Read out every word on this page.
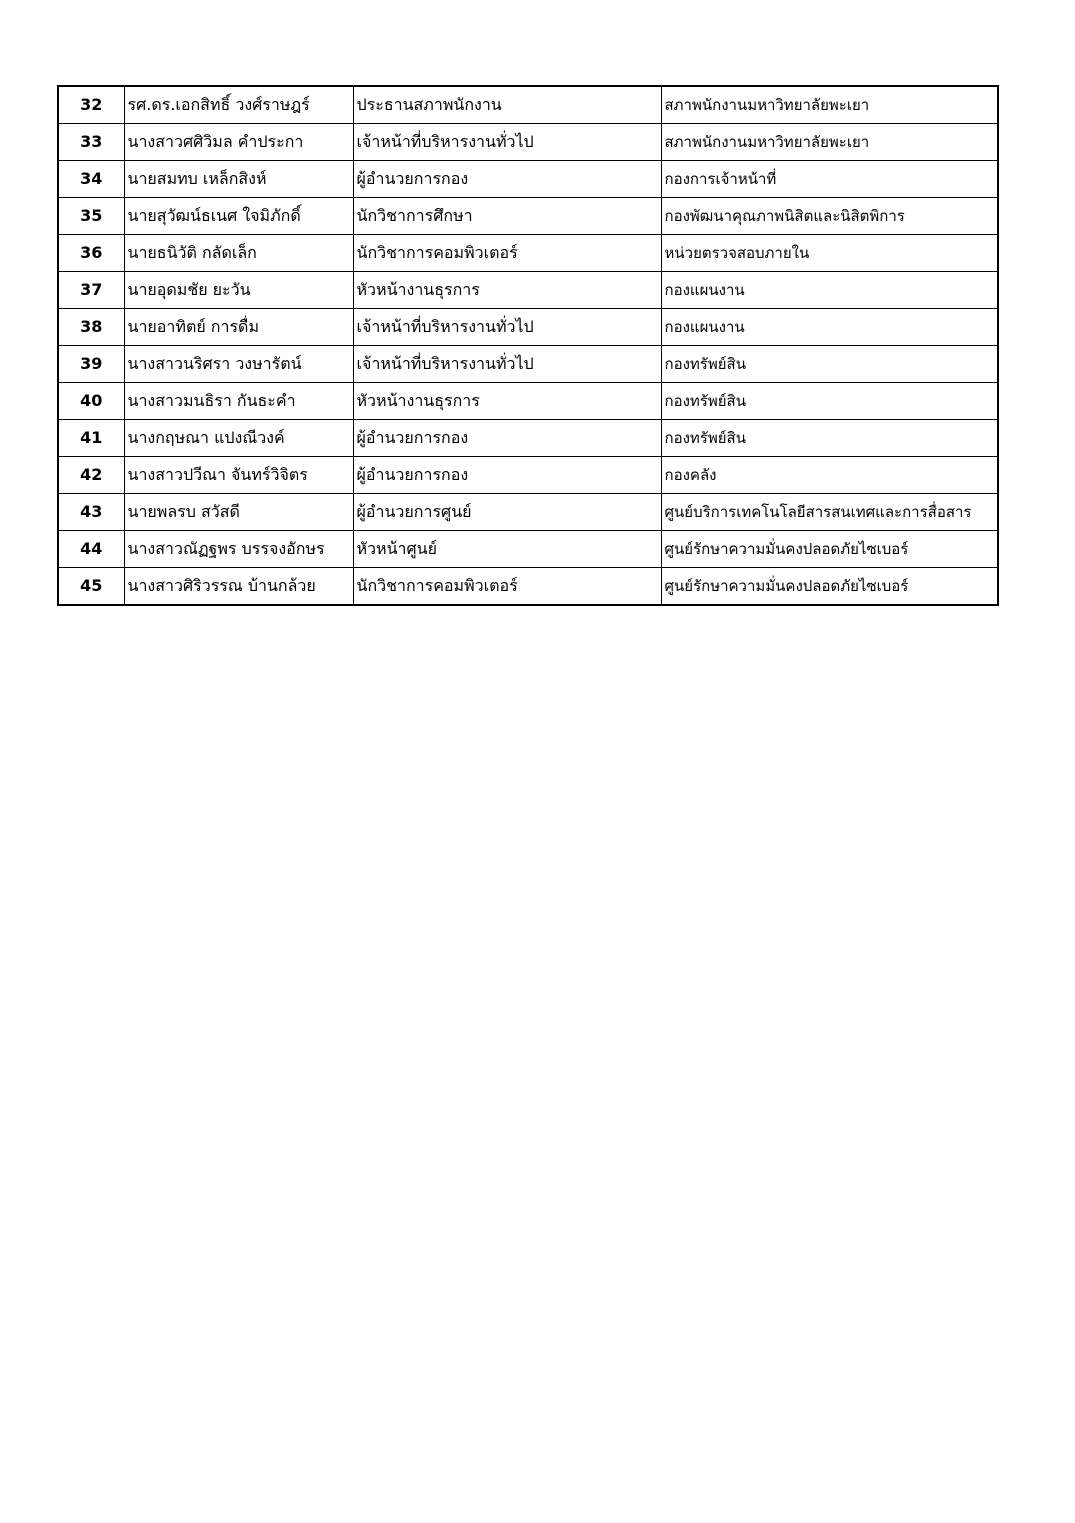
32	รศ.ดร.เอกสิทธิ์ วงศ์ราษฎร์	ประธานสภาพนักงาน	สภาพนักงานมหาวิทยาลัยพะเยา
33	นางสาวศศิวิมล คำประกา	เจ้าหน้าที่บริหารงานทั่วไป	สภาพนักงานมหาวิทยาลัยพะเยา
34	นายสมทบ เหล็กสิงห์	ผู้อำนวยการกอง	กองการเจ้าหน้าที่
35	นายสุวัฒน์ธเนศ ใจมิภักดิ์	นักวิชาการศึกษา	กองพัฒนาคุณภาพนิสิตและนิสิตพิการ
36	นายธนิวัติ กลัดเล็ก	นักวิชาการคอมพิวเตอร์	หน่วยตรวจสอบภายใน
37	นายอุดมชัย ยะวัน	หัวหน้างานธุรการ	กองแผนงาน
38	นายอาทิตย์ การดื่ม	เจ้าหน้าที่บริหารงานทั่วไป	กองแผนงาน
39	นางสาวนริศรา วงษารัตน์	เจ้าหน้าที่บริหารงานทั่วไป	กองทรัพย์สิน
40	นางสาวมนธิรา กันธะคำ	หัวหน้างานธุรการ	กองทรัพย์สิน
41	นางกฤษณา แปงณีวงค์	ผู้อำนวยการกอง	กองทรัพย์สิน
42	นางสาวปวีณา จันทร์วิจิตร	ผู้อำนวยการกอง	กองคลัง
43	นายพลรบ สวัสดี	ผู้อำนวยการศูนย์	ศูนย์บริการเทคโนโลยีสารสนเทศและการสื่อสาร
44	นางสาวณัฏฐพร บรรจงอักษร	หัวหน้าศูนย์	ศูนย์รักษาความมั่นคงปลอดภัยไซเบอร์
45	นางสาวศิริวรรณ บ้านกล้วย	นักวิชาการคอมพิวเตอร์	ศูนย์รักษาความมั่นคงปลอดภัยไซเบอร์
